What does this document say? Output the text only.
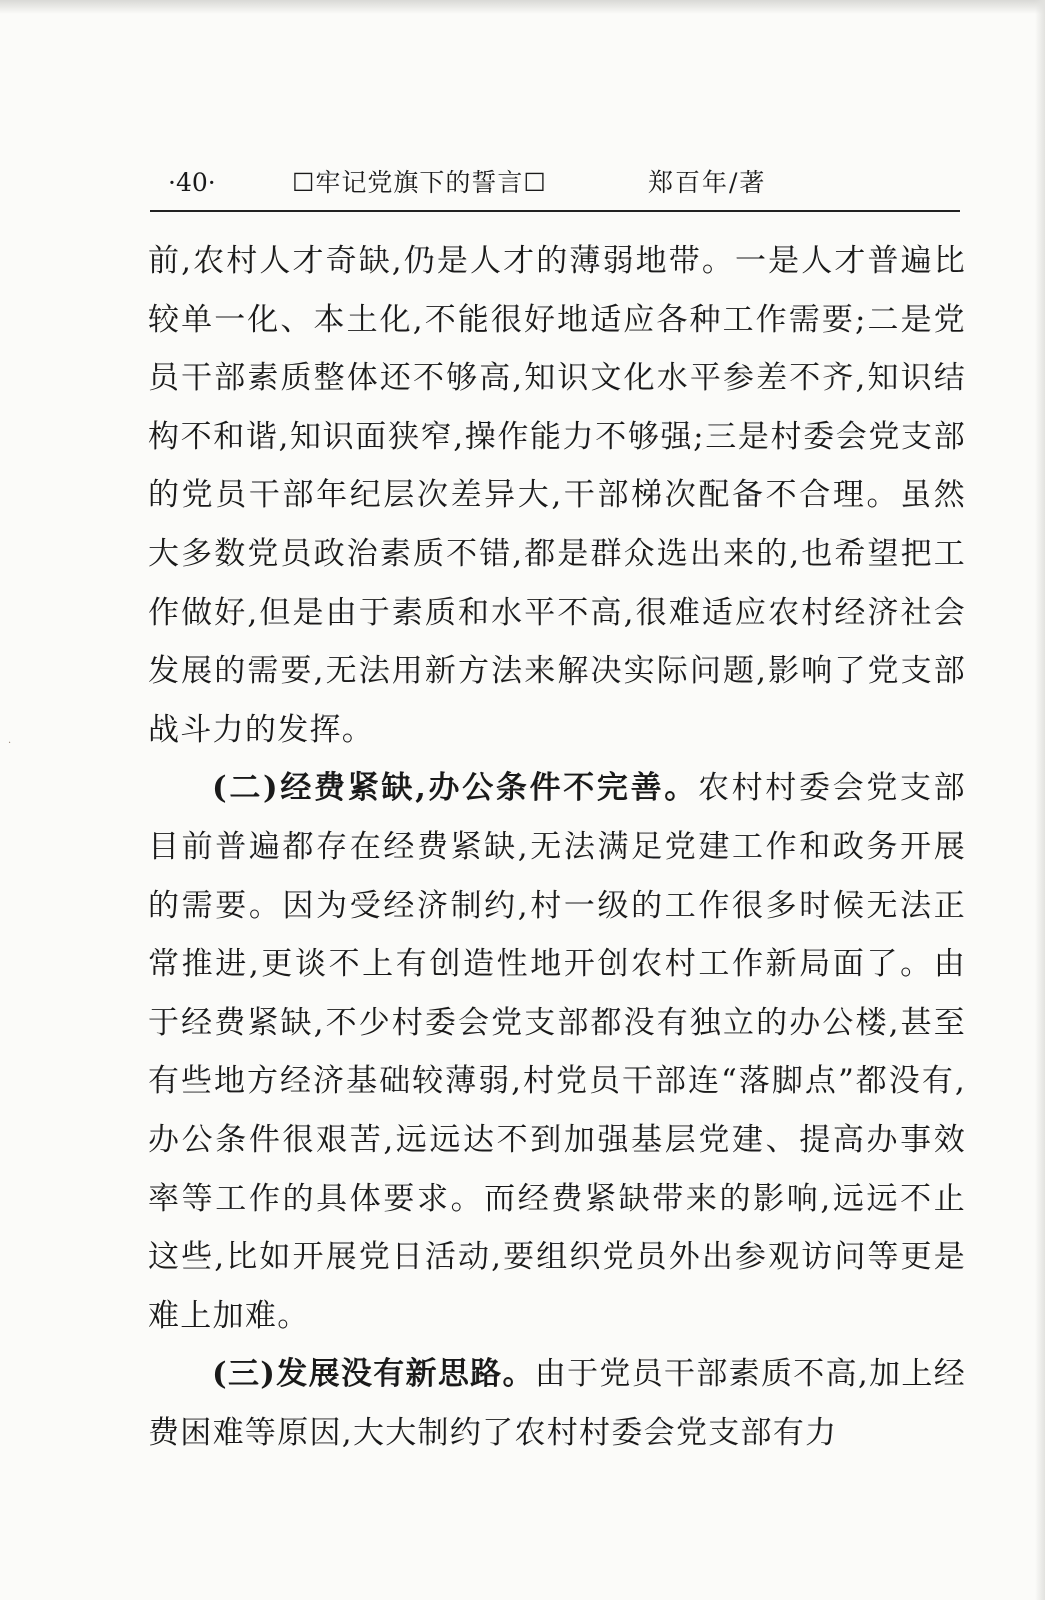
·40·	☐牢记党旗下的誓言☐	郑百年/著

前,农村人才奇缺,仍是人才的薄弱地带。一是人才普遍比较单一化、本土化,不能很好地适应各种工作需要;二是党员干部素质整体还不够高,知识文化水平参差不齐,知识结构不和谐,知识面狭窄,操作能力不够强;三是村委会党支部的党员干部年纪层次差异大,干部梯次配备不合理。虽然大多数党员政治素质不错,都是群众选出来的,也希望把工作做好,但是由于素质和水平不高,很难适应农村经济社会发展的需要,无法用新方法来解决实际问题,影响了党支部战斗力的发挥。

(二)经费紧缺,办公条件不完善。农村村委会党支部目前普遍都存在经费紧缺,无法满足党建工作和政务开展的需要。因为受经济制约,村一级的工作很多时候无法正常推进,更谈不上有创造性地开创农村工作新局面了。由于经费紧缺,不少村委会党支部都没有独立的办公楼,甚至有些地方经济基础较薄弱,村党员干部连“落脚点”都没有,办公条件很艰苦,远远达不到加强基层党建、提高办事效率等工作的具体要求。而经费紧缺带来的影响,远远不止这些,比如开展党日活动,要组织党员外出参观访问等更是难上加难。

(三)发展没有新思路。由于党员干部素质不高,加上经费困难等原因,大大制约了农村村委会党支部有力

·
